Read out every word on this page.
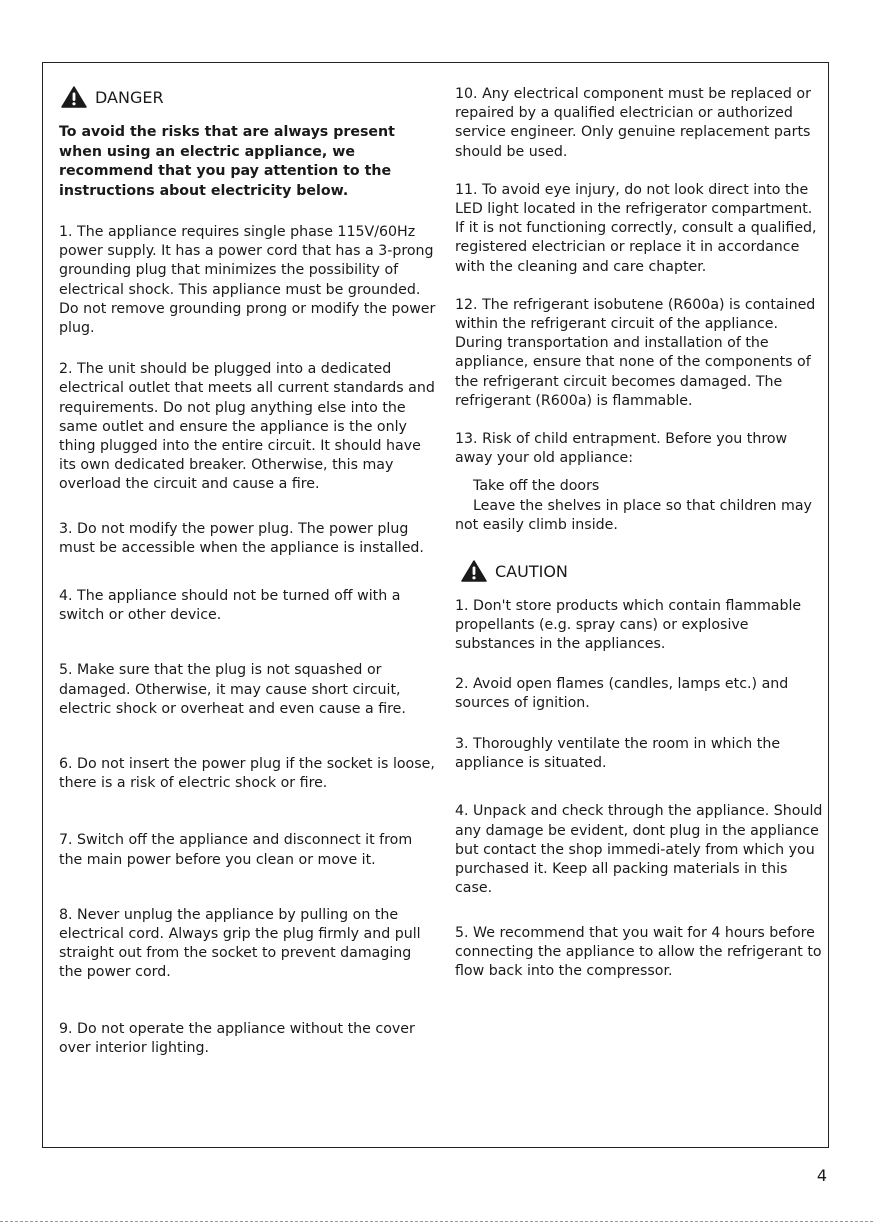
DANGER

To avoid the risks that are always present when using an electric appliance, we recommend that you pay attention to the instructions about electricity below.

1. The appliance requires single phase 115V/60Hz power supply. It has a power cord that has a 3-prong grounding plug that minimizes the possibility of electrical shock. This appliance must be grounded. Do not remove grounding prong or modify the power plug.

2. The unit should be plugged into a dedicated electrical outlet that meets all current standards and requirements. Do not plug anything else into the same outlet and ensure the appliance is the only thing plugged into the entire circuit. It should have its own dedicated breaker. Otherwise, this may overload the circuit and cause a fire.

3. Do not modify the power plug. The power plug must be accessible when the appliance is installed.

4. The appliance should not be turned off with a switch or other device.

5. Make sure that the plug is not squashed or damaged. Otherwise, it may cause short circuit, electric shock or overheat and even cause a fire.

6. Do not insert the power plug if the socket is loose, there is a risk of electric shock or fire.

7. Switch off the appliance and disconnect it from the main power before you clean or move it.

8. Never unplug the appliance by pulling on the electrical cord. Always grip the plug firmly and pull straight out from the socket to prevent damaging the power cord.

9. Do not operate the appliance without the cover over interior lighting.

10. Any electrical component must be replaced or repaired by a qualified electrician or authorized service engineer. Only genuine replacement parts should be used.

11. To avoid eye injury, do not look direct into the LED light located in the refrigerator compartment. If it is not functioning correctly, consult a qualified, registered electrician or replace it in accordance with the cleaning and care chapter.

12. The refrigerant isobutene (R600a) is contained within the refrigerant circuit of the appliance. During transportation and installation of the appliance, ensure that none of the components of the refrigerant circuit becomes damaged. The refrigerant (R600a) is flammable.

13. Risk of child entrapment. Before you throw away your old appliance:

Take off the doors

Leave the shelves in place so that children may not easily climb inside.

CAUTION

1. Don't store products which contain flammable propellants (e.g. spray cans) or explosive substances in the appliances.

2. Avoid open flames (candles, lamps etc.) and sources of ignition.

3. Thoroughly ventilate the room in which the appliance is situated.

4. Unpack and check through the appliance. Should any damage be evident, dont plug in the appliance but contact the shop immedi-ately from which you purchased it. Keep all packing materials in this case.

5. We recommend that you wait for 4 hours before connecting the appliance to allow the refrigerant to flow back into the compressor.

4
